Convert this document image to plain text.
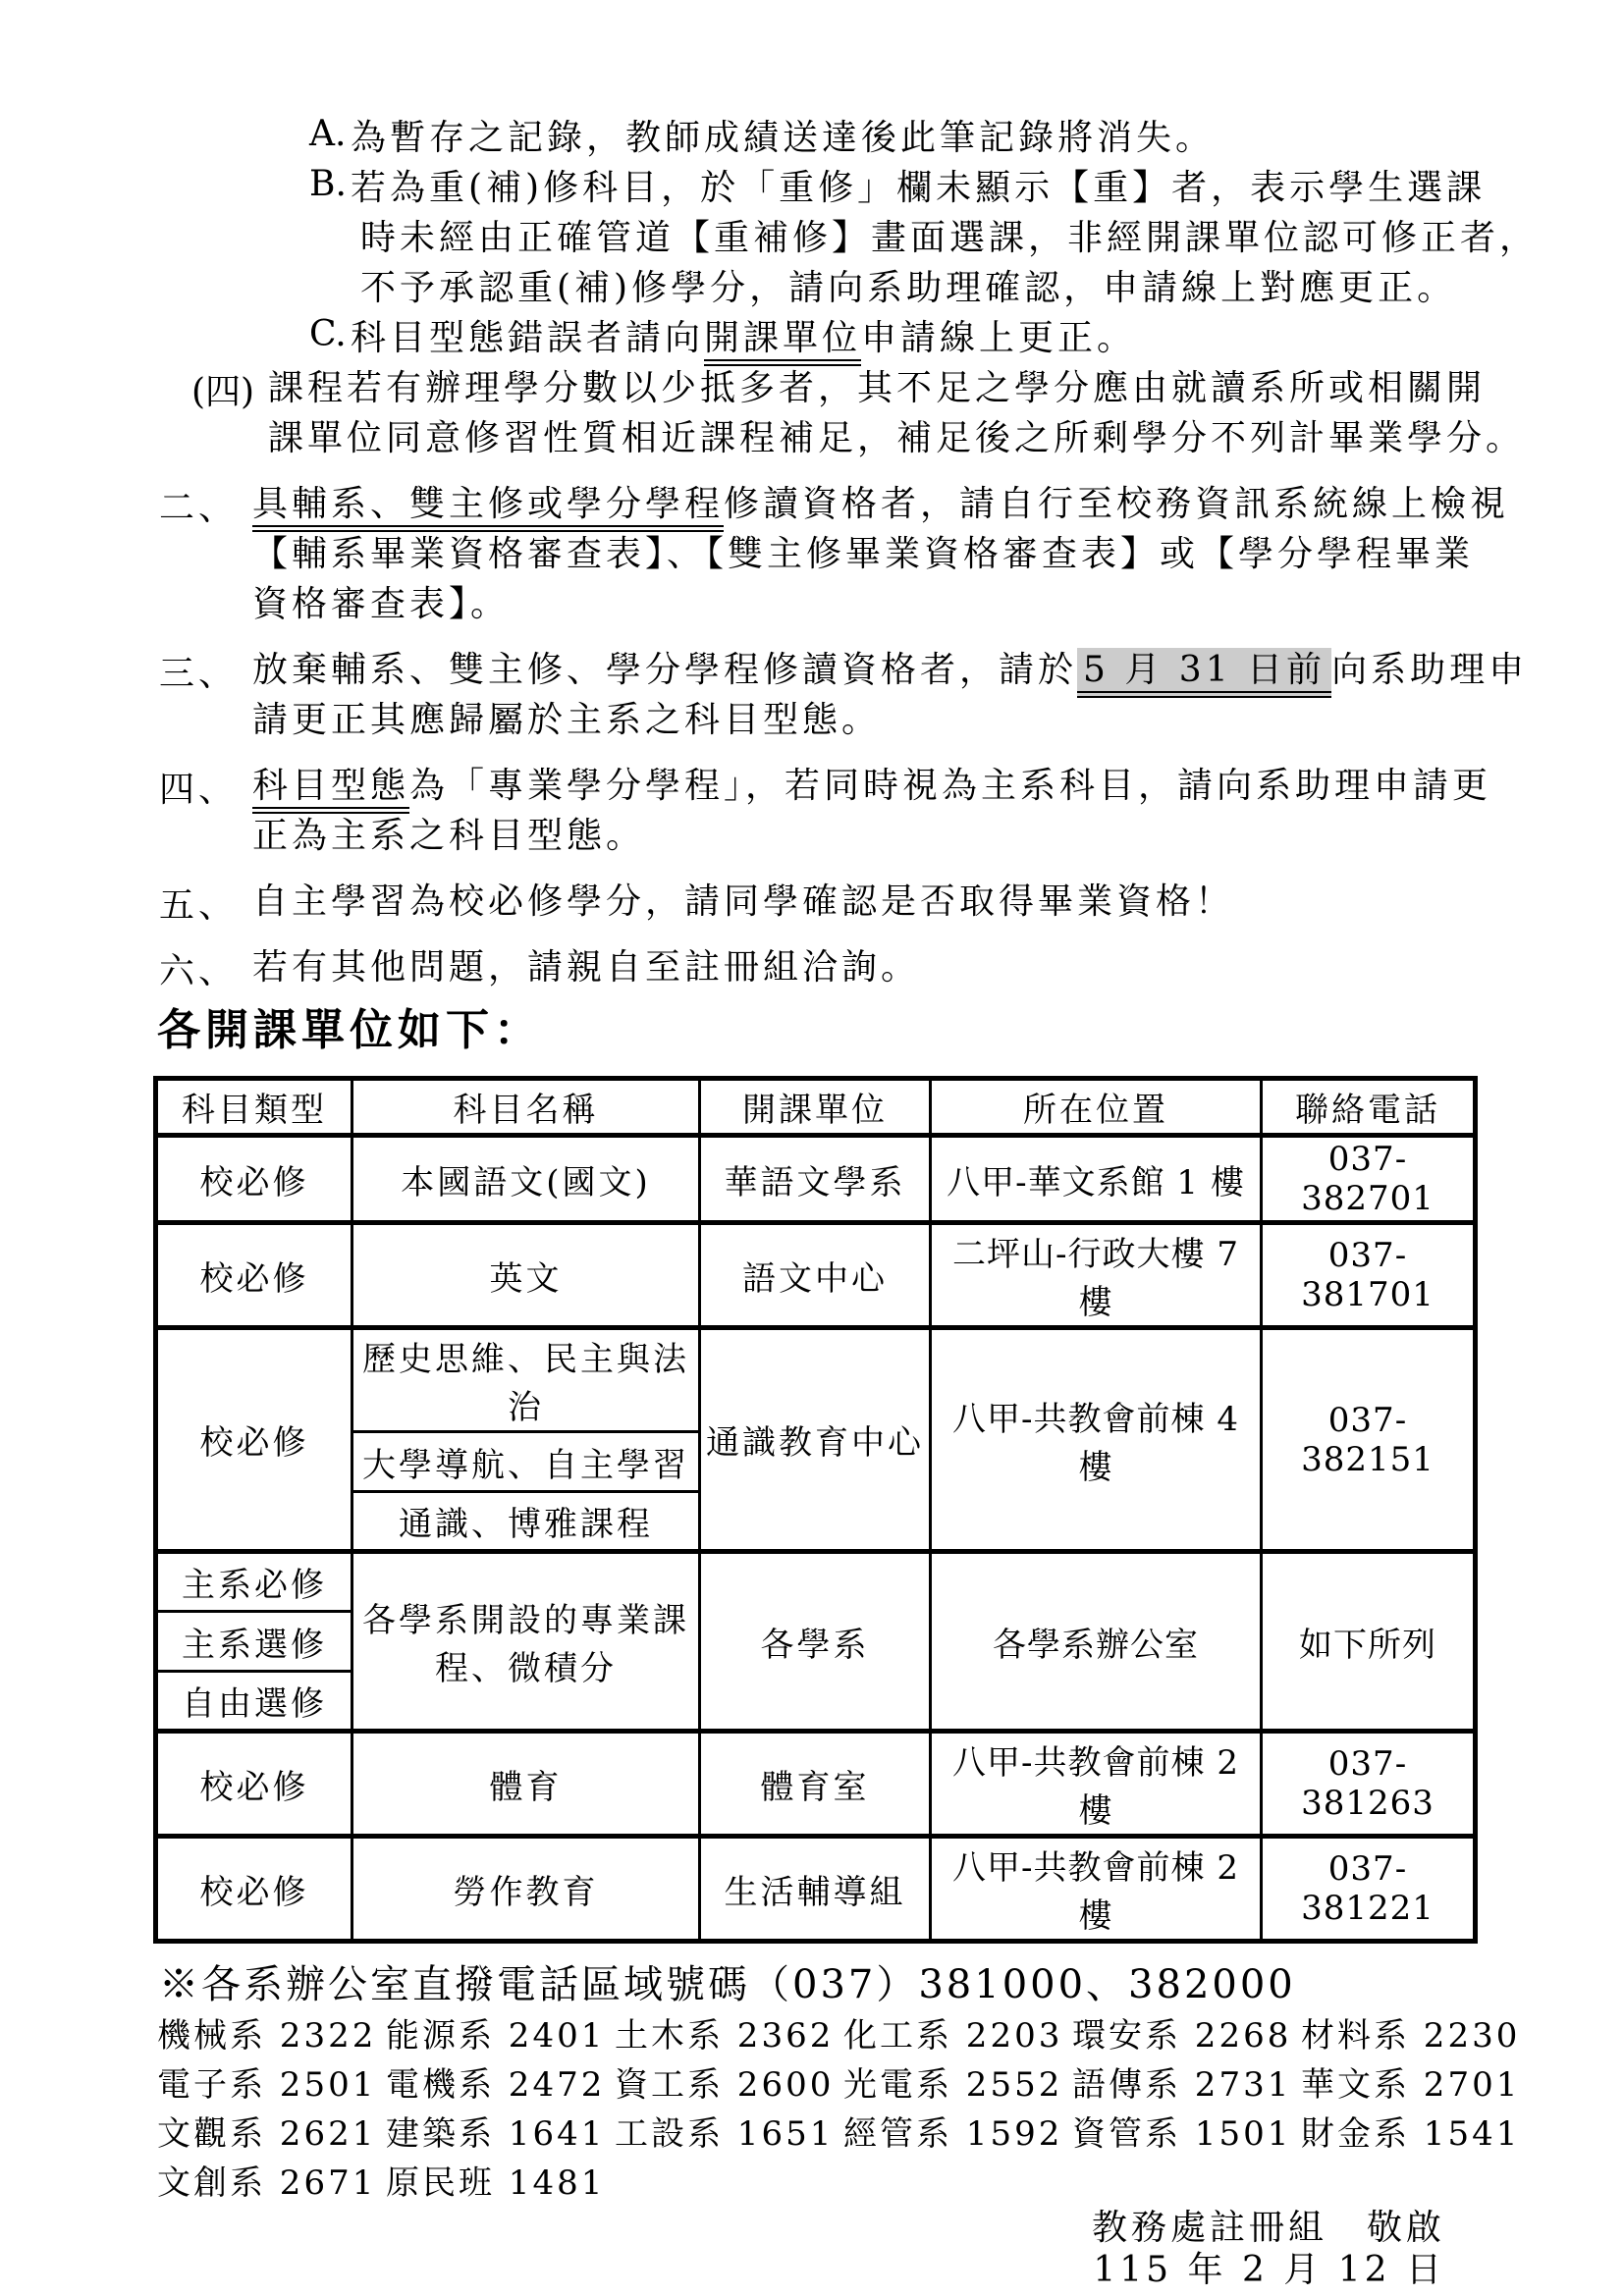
A. 為暫存之記錄，教師成績送達後此筆記錄將消失。
B. 若為重(補)修科目，於「重修」欄未顯示【重】者，表示學生選課
時未經由正確管道【重補修】畫面選課，非經開課單位認可修正者，
不予承認重(補)修學分，請向系助理確認，申請線上對應更正。
C. 科目型態錯誤者請向開課單位申請線上更正。
(四) 課程若有辦理學分數以少抵多者，其不足之學分應由就讀系所或相關開
課單位同意修習性質相近課程補足，補足後之所剩學分不列計畢業學分。
二、 具輔系、雙主修或學分學程修讀資格者，請自行至校務資訊系統線上檢視
【輔系畢業資格審查表】、【雙主修畢業資格審查表】或【學分學程畢業
資格審查表】。
三、 放棄輔系、雙主修、學分學程修讀資格者，請於 5 月 31 日前 向系助理申
請更正其應歸屬於主系之科目型態。
四、 科目型態為「專業學分學程」，若同時視為主系科目，請向系助理申請更
正為主系之科目型態。
五、 自主學習為校必修學分，請同學確認是否取得畢業資格！
六、 若有其他問題，請親自至註冊組洽詢。
各開課單位如下：
科目類型	科目名稱	開課單位	所在位置	聯絡電話
校必修	本國語文(國文)	華語文學系	八甲-華文系館 1 樓	037-382701
校必修	英文	語文中心	二坪山-行政大樓 7 樓	037-381701
校必修	歷史思維、民主與法治	通識教育中心	八甲-共教會前棟 4 樓	037-382151
	大學導航、自主學習			
	通識、博雅課程			
主系必修	各學系開設的專業課程、微積分	各學系	各學系辦公室	如下所列
主系選修				
自由選修				
校必修	體育	體育室	八甲-共教會前棟 2 樓	037-381263
校必修	勞作教育	生活輔導組	八甲-共教會前棟 2 樓	037-381221
※各系辦公室直撥電話區域號碼（037）381000、382000
機械系 2322 能源系 2401 土木系 2362 化工系 2203 環安系 2268 材料系 2230
電子系 2501 電機系 2472 資工系 2600 光電系 2552 語傳系 2731 華文系 2701
文觀系 2621 建築系 1641 工設系 1651 經管系 1592 資管系 1501 財金系 1541
文創系 2671 原民班 1481
教務處註冊組　敬啟
115 年 2 月 12 日
